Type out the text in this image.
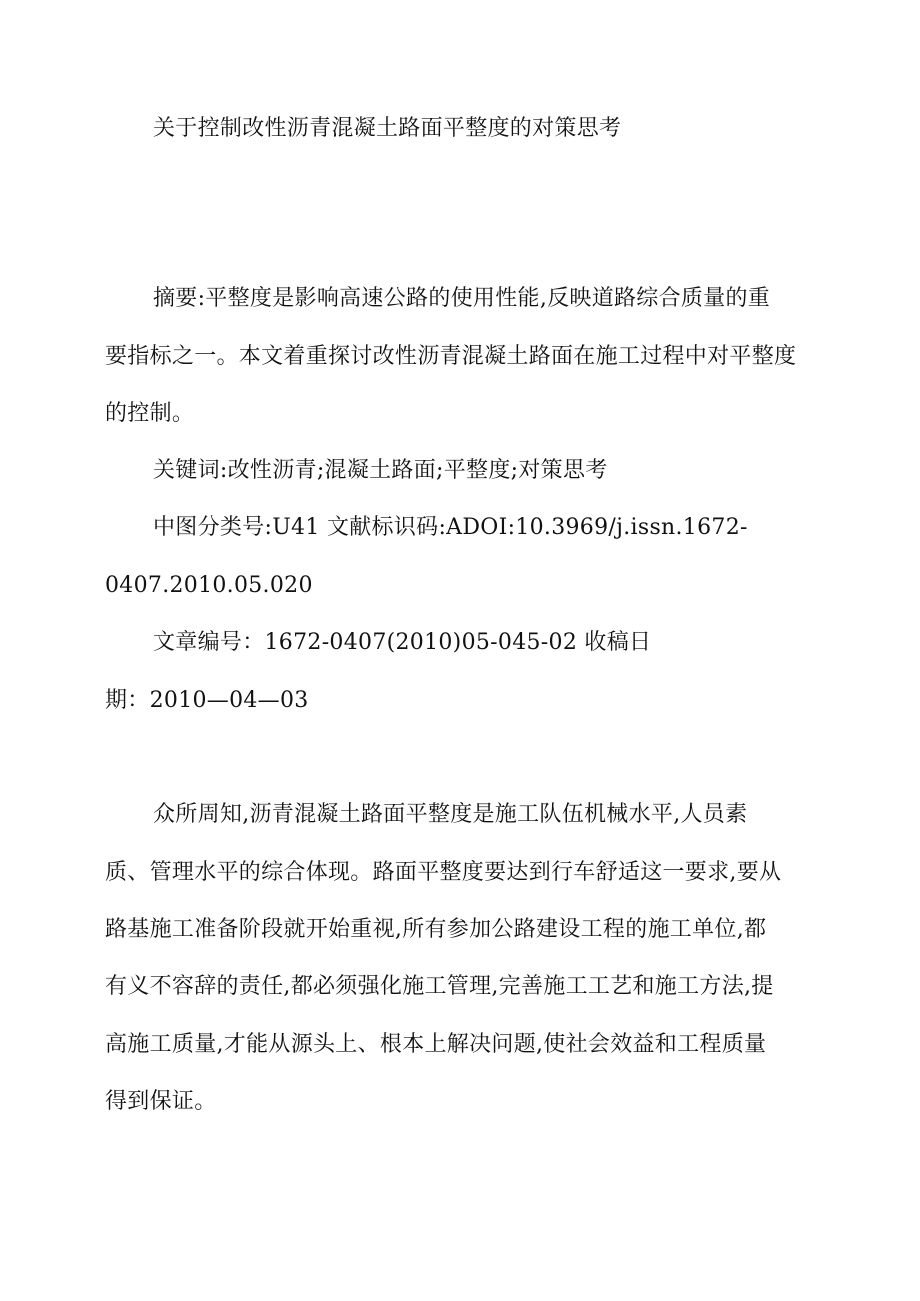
关于控制改性沥青混凝土路面平整度的对策思考
摘要:平整度是影响高速公路的使用性能,反映道路综合质量的重
要指标之一。本文着重探讨改性沥青混凝土路面在施工过程中对平整度
的控制。
关键词:改性沥青;混凝土路面;平整度;对策思考
中图分类号:U41 文献标识码:ADOI:10.3969/j.issn.1672-
0407.2010.05.020
文章编号：1672-0407(2010)05-045-02 收稿日
期：2010—04—03
众所周知,沥青混凝土路面平整度是施工队伍机械水平,人员素
质、管理水平的综合体现。路面平整度要达到行车舒适这一要求,要从
路基施工准备阶段就开始重视,所有参加公路建设工程的施工单位,都
有义不容辞的责任,都必须强化施工管理,完善施工工艺和施工方法,提
高施工质量,才能从源头上、根本上解决问题,使社会效益和工程质量
得到保证。
